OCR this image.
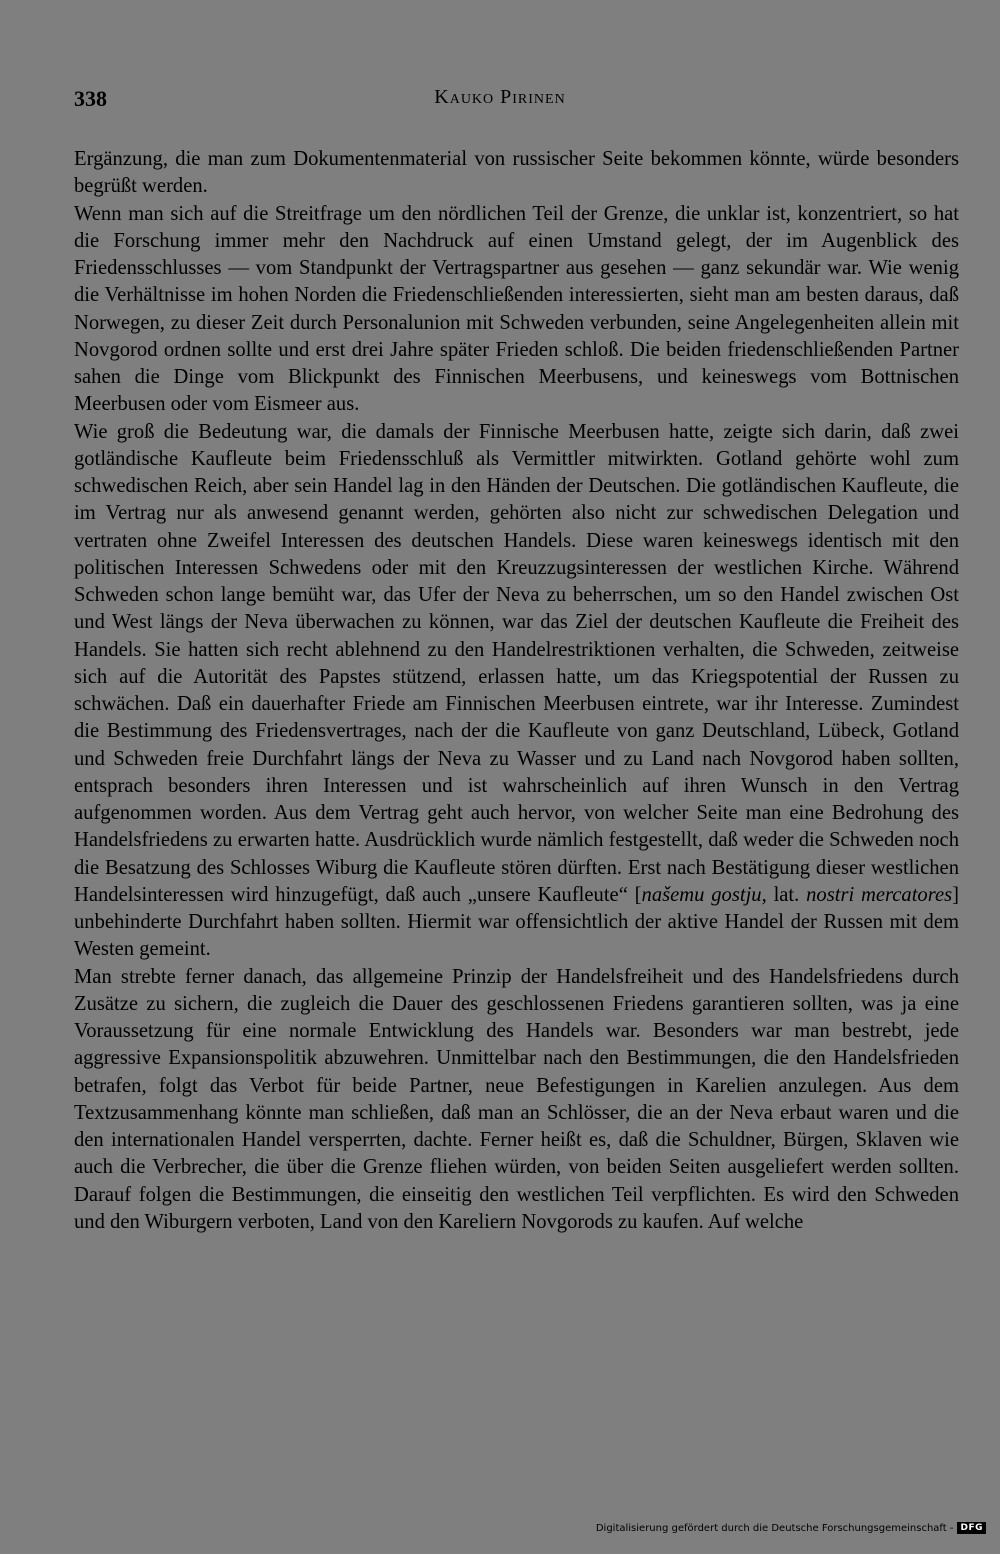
338	Kauko Pirinen

Ergänzung, die man zum Dokumentenmaterial von russischer Seite bekommen könnte, würde besonders begrüßt werden.

Wenn man sich auf die Streitfrage um den nördlichen Teil der Grenze, die unklar ist, konzentriert, so hat die Forschung immer mehr den Nachdruck auf einen Umstand gelegt, der im Augenblick des Friedensschlusses — vom Standpunkt der Vertragspartner aus gesehen — ganz sekundär war. Wie wenig die Verhältnisse im hohen Norden die Friedenschließenden interessierten, sieht man am besten daraus, daß Norwegen, zu dieser Zeit durch Personalunion mit Schweden verbunden, seine Angelegenheiten allein mit Novgorod ordnen sollte und erst drei Jahre später Frieden schloß. Die beiden friedenschließenden Partner sahen die Dinge vom Blickpunkt des Finnischen Meerbusens, und keineswegs vom Bottnischen Meerbusen oder vom Eismeer aus.

Wie groß die Bedeutung war, die damals der Finnische Meerbusen hatte, zeigte sich darin, daß zwei gotländische Kaufleute beim Friedensschluß als Vermittler mitwirkten. Gotland gehörte wohl zum schwedischen Reich, aber sein Handel lag in den Händen der Deutschen. Die gotländischen Kaufleute, die im Vertrag nur als anwesend genannt werden, gehörten also nicht zur schwedischen Delegation und vertraten ohne Zweifel Interessen des deutschen Handels. Diese waren keineswegs identisch mit den politischen Interessen Schwedens oder mit den Kreuzzugsinteressen der westlichen Kirche. Während Schweden schon lange bemüht war, das Ufer der Neva zu beherrschen, um so den Handel zwischen Ost und West längs der Neva überwachen zu können, war das Ziel der deutschen Kaufleute die Freiheit des Handels. Sie hatten sich recht ablehnend zu den Handelrestriktionen verhalten, die Schweden, zeitweise sich auf die Autorität des Papstes stützend, erlassen hatte, um das Kriegspotential der Russen zu schwächen. Daß ein dauerhafter Friede am Finnischen Meerbusen eintrete, war ihr Interesse. Zumindest die Bestimmung des Friedensvertrages, nach der die Kaufleute von ganz Deutschland, Lübeck, Gotland und Schweden freie Durchfahrt längs der Neva zu Wasser und zu Land nach Novgorod haben sollten, entsprach besonders ihren Interessen und ist wahrscheinlich auf ihren Wunsch in den Vertrag aufgenommen worden. Aus dem Vertrag geht auch hervor, von welcher Seite man eine Bedrohung des Handelsfriedens zu erwarten hatte. Ausdrücklich wurde nämlich festgestellt, daß weder die Schweden noch die Besatzung des Schlosses Wiburg die Kaufleute stören dürften. Erst nach Bestätigung dieser westlichen Handelsinteressen wird hinzugefügt, daß auch „unsere Kaufleute“ [našemu gostju, lat. nostri mercatores] unbehinderte Durchfahrt haben sollten. Hiermit war offensichtlich der aktive Handel der Russen mit dem Westen gemeint.

Man strebte ferner danach, das allgemeine Prinzip der Handelsfreiheit und des Handelsfriedens durch Zusätze zu sichern, die zugleich die Dauer des geschlossenen Friedens garantieren sollten, was ja eine Voraussetzung für eine normale Entwicklung des Handels war. Besonders war man bestrebt, jede aggressive Expansionspolitik abzuwehren. Unmittelbar nach den Bestimmungen, die den Handelsfrieden betrafen, folgt das Verbot für beide Partner, neue Befestigungen in Karelien anzulegen. Aus dem Textzusammenhang könnte man schließen, daß man an Schlösser, die an der Neva erbaut waren und die den internationalen Handel versperrten, dachte. Ferner heißt es, daß die Schuldner, Bürgen, Sklaven wie auch die Verbrecher, die über die Grenze fliehen würden, von beiden Seiten ausgeliefert werden sollten. Darauf folgen die Bestimmungen, die einseitig den westlichen Teil verpflichten. Es wird den Schweden und den Wiburgern verboten, Land von den Kareliern Novgorods zu kaufen. Auf welche

Digitalisierung gefördert durch die Deutsche Forschungsgemeinschaft - DFG
